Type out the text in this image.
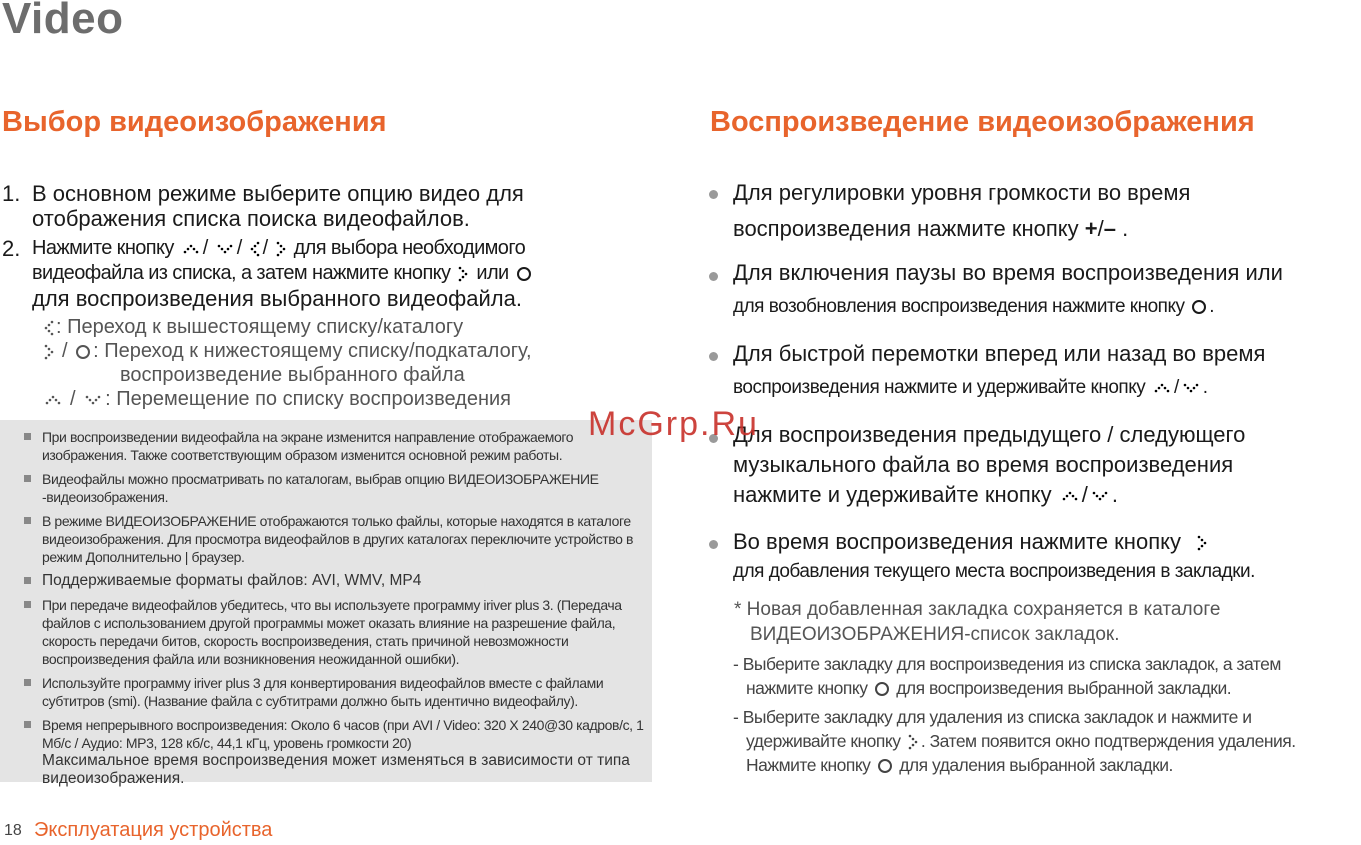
Video
Выбор видеоизображения
1. В основном режиме выберите опцию видео для
отображения списка поиска видеофайлов.
2. Нажмите кнопку / / / для выбора необходимого
видеофайла из списка, а затем нажмите кнопку или
для воспроизведения выбранного видеофайла.
: Переход к вышестоящему списку/каталогу
/ : Переход к нижестоящему списку/подкаталогу,
воспроизведение выбранного файла
/ : Перемещение по списку воспроизведения
При воспроизведении видеофайла на экране изменится направление отображаемого изображения. Также соответствующим образом изменится основной режим работы.
Видеофайлы можно просматривать по каталогам, выбрав опцию ВИДЕОИЗОБРАЖЕНИЕ -видеоизображения.
В режиме ВИДЕОИЗОБРАЖЕНИЕ отображаются только файлы, которые находятся в каталоге видеоизображения. Для просмотра видеофайлов в других каталогах переключите устройство в режим Дополнительно | браузер.
Поддерживаемые форматы файлов: AVI, WMV, MP4
При передаче видеофайлов убедитесь, что вы используете программу iriver plus 3. (Передача файлов с использованием другой программы может оказать влияние на разрешение файла, скорость передачи битов, скорость воспроизведения, стать причиной невозможности воспроизведения файла или возникновения неожиданной ошибки).
Используйте программу iriver plus 3 для конвертирования видеофайлов вместе с файлами субтитров (smi). (Название файла с субтитрами должно быть идентично видеофайлу).
Время непрерывного воспроизведения: Около 6 часов (при AVI / Video: 320 X 240@30 кадров/с, 1 Мб/с / Аудио: MP3, 128 кб/с, 44,1 кГц, уровень громкости 20)
Максимальное время воспроизведения может изменяться в зависимости от типа видеоизображения.
Воспроизведение видеоизображения
Для регулировки уровня громкости во время
воспроизведения нажмите кнопку +/– .
Для включения паузы во время воспроизведения или
для возобновления воспроизведения нажмите кнопку .
Для быстрой перемотки вперед или назад во время
воспроизведения нажмите и удерживайте кнопку / .
Для воспроизведения предыдущего / следующего
музыкального файла во время воспроизведения
нажмите и удерживайте кнопку / .
Во время воспроизведения нажмите кнопку
для добавления текущего места воспроизведения в закладки.
* Новая добавленная закладка сохраняется в каталоге
ВИДЕОИЗОБРАЖЕНИЯ-список закладок.
- Выберите закладку для воспроизведения из списка закладок, а затем
нажмите кнопку для воспроизведения выбранной закладки.
- Выберите закладку для удаления из списка закладок и нажмите и
удерживайте кнопку . Затем появится окно подтверждения удаления.
Нажмите кнопку для удаления выбранной закладки.
McGrp.Ru
18 Эксплуатация устройства
